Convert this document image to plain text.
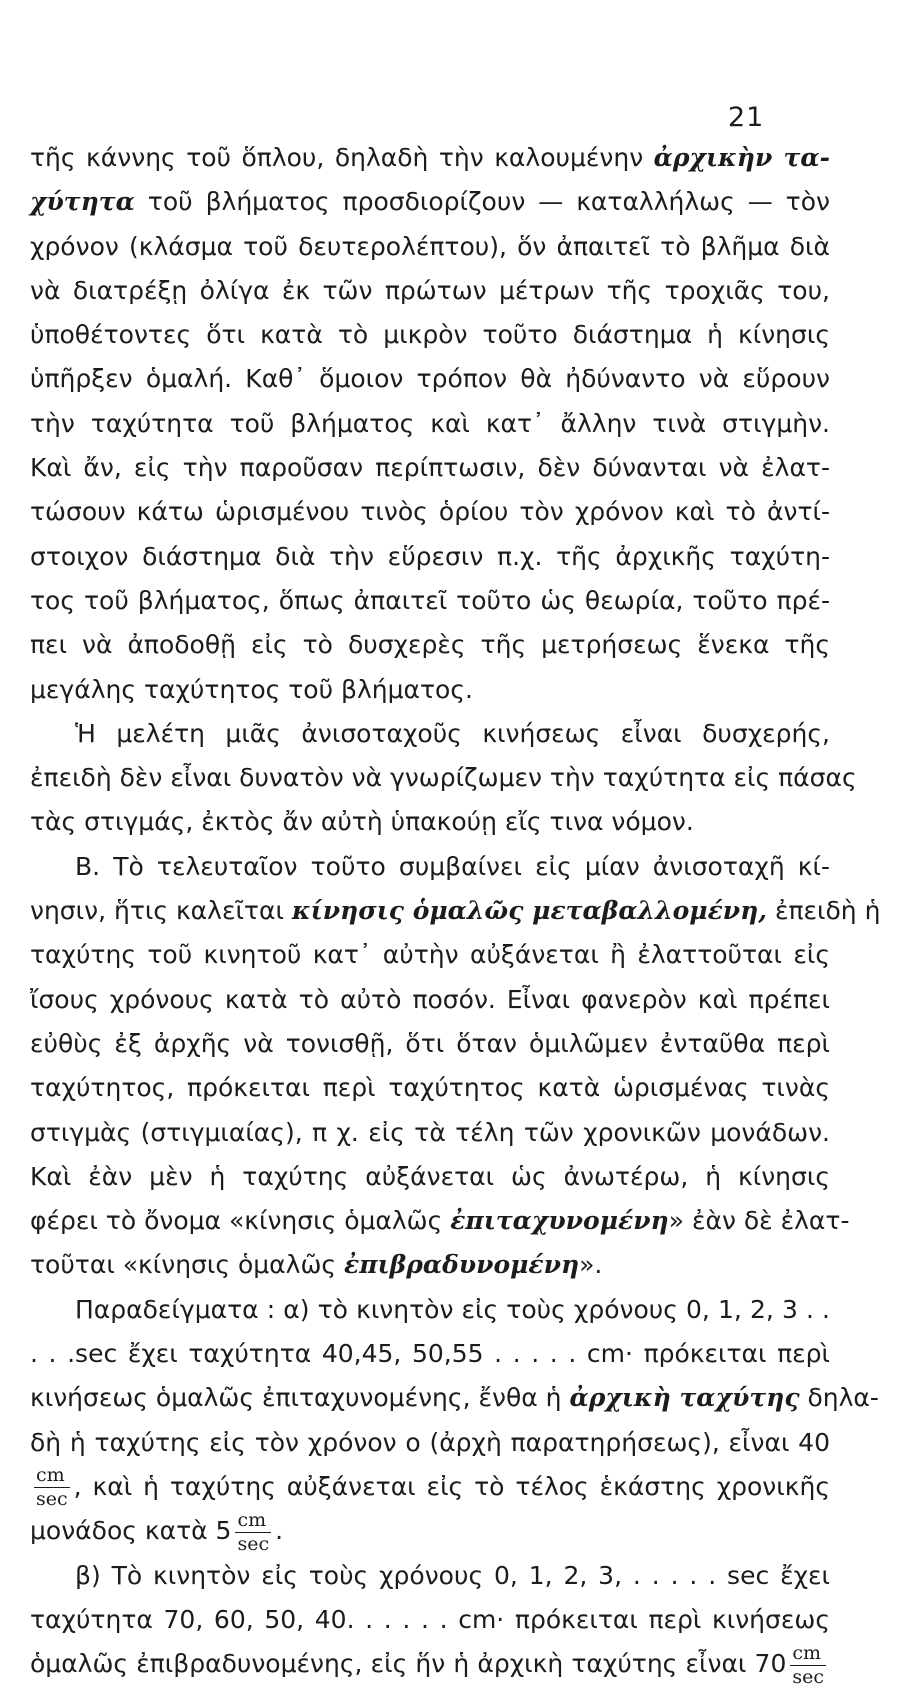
21
τῆς κάννης τοῦ ὅπλου, δηλαδὴ τὴν καλουμένην ἀρχικὴν τα-
χύτητα τοῦ βλήματος προσδιορίζουν — καταλλήλως — τὸν
χρόνον (κλάσμα τοῦ δευτερολέπτου), ὅν ἀπαιτεῖ τὸ βλῆμα διὰ
νὰ διατρέξῃ ὀλίγα ἐκ τῶν πρώτων μέτρων τῆς τροχιᾶς του,
ὑποθέτοντες ὅτι κατὰ τὸ μικρὸν τοῦτο διάστημα ἡ κίνησις
ὑπῆρξεν ὁμαλή. Καθ᾽ ὅμοιον τρόπον θὰ ἠδύναντο νὰ εὕρουν
τὴν ταχύτητα τοῦ βλήματος καὶ κατ᾽ ἄλλην τινὰ στιγμὴν.
Καὶ ἄν, εἰς τὴν παροῦσαν περίπτωσιν, δὲν δύνανται νὰ ἐλατ-
τώσουν κάτω ὡρισμένου τινὸς ὁρίου τὸν χρόνον καὶ τὸ ἀντί-
στοιχον διάστημα διὰ τὴν εὕρεσιν π.χ. τῆς ἀρχικῆς ταχύτη-
τος τοῦ βλήματος, ὅπως ἀπαιτεῖ τοῦτο ὡς θεωρία, τοῦτο πρέ-
πει νὰ ἀποδοθῇ εἰς τὸ δυσχερὲς τῆς μετρήσεως ἕνεκα τῆς
μεγάλης ταχύτητος τοῦ βλήματος.
Ἡ μελέτη μιᾶς ἀνισοταχοῦς κινήσεως εἶναι δυσχερής,
ἐπειδὴ δὲν εἶναι δυνατὸν νὰ γνωρίζωμεν τὴν ταχύτητα εἰς πάσας
τὰς στιγμάς, ἐκτὸς ἄν αὐτὴ ὑπακούῃ εἴς τινα νόμον.
Β. Τὸ τελευταῖον τοῦτο συμβαίνει εἰς μίαν ἀνισοταχῆ κί-
νησιν, ἥτις καλεῖται κίνησις ὁμαλῶς μεταβαλλομένη, ἐπειδὴ ἡ
ταχύτης τοῦ κινητοῦ κατ᾽ αὐτὴν αὐξάνεται ἢ ἐλαττοῦται εἰς
ἴσους χρόνους κατὰ τὸ αὐτὸ ποσόν. Εἶναι φανερὸν καὶ πρέπει
εὐθὺς ἐξ ἀρχῆς νὰ τονισθῇ, ὅτι ὅταν ὁμιλῶμεν ἐνταῦθα περὶ
ταχύτητος, πρόκειται περὶ ταχύτητος κατὰ ὡρισμένας τινὰς
στιγμὰς (στιγμιαίας), π χ. εἰς τὰ τέλη τῶν χρονικῶν μονάδων.
Καὶ ἐὰν μὲν ἡ ταχύτης αὐξάνεται ὡς ἀνωτέρω, ἡ κίνησις
φέρει τὸ ὄνομα «κίνησις ὁμαλῶς ἐπιταχυνομένη» ἐὰν δὲ ἐλατ-
τοῦται «κίνησις ὁμαλῶς ἐπιβραδυνομένη».
Παραδείγματα : α) τὸ κινητὸν εἰς τοὺς χρόνους 0, 1, 2, 3 . .
. . .sec ἔχει ταχύτητα 40,45, 50,55 . . . . . cm· πρόκειται περὶ
κινήσεως ὁμαλῶς ἐπιταχυνομένης, ἔνθα ἡ ἀρχικὴ ταχύτης δηλα-
δὴ ἡ ταχύτης εἰς τὸν χρόνον ο (ἀρχὴ παρατηρήσεως), εἶναι 40
$\frac{cm}{\sec}$ , καὶ ἡ ταχύτης αὐξάνεται εἰς τὸ τέλος ἑκάστης χρονικῆς
μονάδος κατὰ $5 \frac{cm}{\sec}$ .
β) Τὸ κινητὸν εἰς τοὺς χρόνους 0, 1, 2, 3, . . . . . sec ἔχει
ταχύτητα 70, 60, 50, 40. . . . . . cm· πρόκειται περὶ κινήσεως
ὁμαλῶς ἐπιβραδυνομένης, εἰς ἥν ἡ ἀρχικὴ ταχύτης εἶναι $70 \frac{cm}{\sec}$
